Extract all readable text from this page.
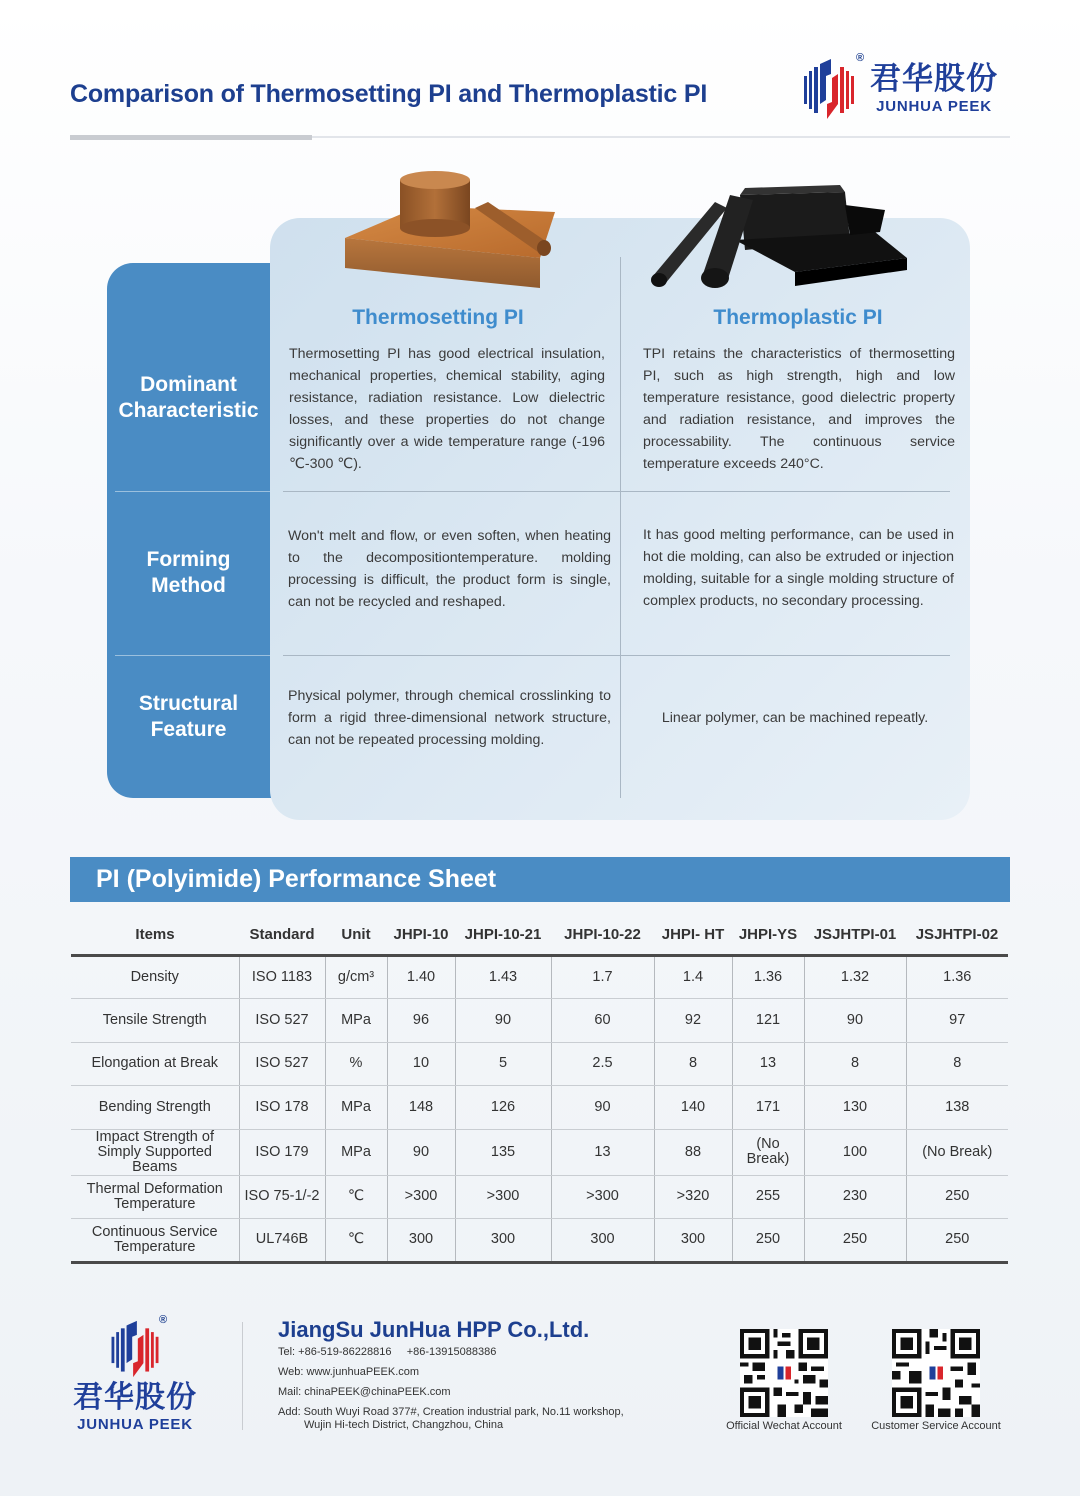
Comparison of Thermosetting PI and Thermoplastic PI
®
君华股份
JUNHUA PEEK
Thermosetting PI	Thermoplastic PI
Dominant
Characteristic
Thermosetting PI has good electrical insulation, mechanical properties, chemical stability, aging resistance, radiation resistance. Low dielectric losses, and these properties do not change significantly over a wide temperature range (-196 ℃-300 ℃).
TPI retains the characteristics of thermosetting PI, such as high strength, high and low temperature resistance, good dielectric property and radiation resistance, and improves the processability. The continuous service temperature exceeds 240°C.
Forming
Method
Won't melt and flow, or even soften, when heating to the decompositiontemperature. molding processing is difficult, the product form is single, can not be recycled and reshaped.
It has good melting performance, can be used in hot die molding, can also be extruded or injection molding, suitable for a single molding structure of complex products, no secondary processing.
Structural
Feature
Physical polymer, through chemical crosslinking to form a rigid three-dimensional network structure, can not be repeated processing molding.
Linear polymer, can be machined repeatly.
PI (Polyimide) Performance Sheet
Items	Standard	Unit	JHPI-10	JHPI-10-21	JHPI-10-22	JHPI- HT	JHPI-YS	JSJHTPI-01	JSJHTPI-02
Density	ISO 1183	g/cm³	1.40	1.43	1.7	1.4	1.36	1.32	1.36
Tensile Strength	ISO 527	MPa	96	90	60	92	121	90	97
Elongation at Break	ISO 527	%	10	5	2.5	8	13	8	8
Bending Strength	ISO 178	MPa	148	126	90	140	171	130	138
Impact Strength of Simply Supported Beams	ISO 179	MPa	90	135	13	88	(No Break)	100	(No Break)
Thermal Deformation Temperature	ISO 75-1/-2	℃	>300	>300	>300	>320	255	230	250
Continuous Service Temperature	UL746B	℃	300	300	300	300	250	250	250
®
君华股份
JUNHUA PEEK
JiangSu JunHua HPP Co.,Ltd.
Tel: +86-519-86228816     +86-13915088386
Web: www.junhuaPEEK.com
Mail: chinaPEEK@chinaPEEK.com
Add: South Wuyi Road 377#, Creation industrial park, No.11 workshop,
Wujin Hi-tech District, Changzhou, China	Official Wechat Account	Customer Service Account
